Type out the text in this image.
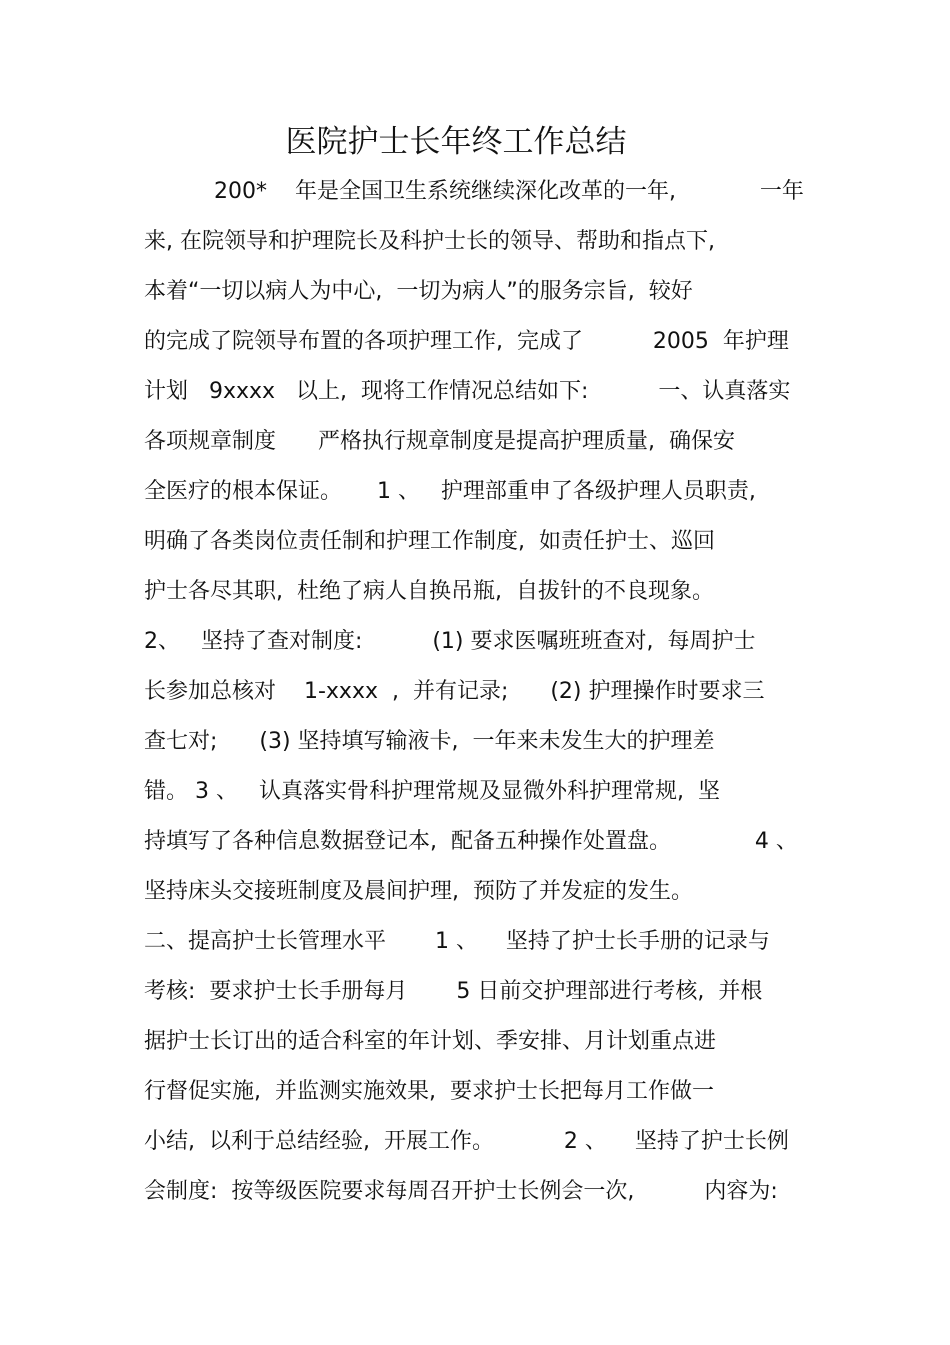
医院护士长年终工作总结
200*    年是全国卫生系统继续深化改革的一年,            一年
来, 在院领导和护理院长及科护士长的领导、帮助和指点下,
本着“一切以病人为中心,  一切为病人”的服务宗旨,  较好
的完成了院领导布置的各项护理工作,  完成了          2005  年护理
计划   9xxxx   以上,  现将工作情况总结如下:          一、认真落实
各项规章制度      严格执行规章制度是提高护理质量,  确保安
全医疗的根本保证。     1 、   护理部重申了各级护理人员职责,
明确了各类岗位责任制和护理工作制度,  如责任护士、巡回
护士各尽其职,  杜绝了病人自换吊瓶,  自拔针的不良现象。
2、   坚持了查对制度:          (1) 要求医嘱班班查对,  每周护士
长参加总核对    1-xxxx  ,  并有记录;      (2) 护理操作时要求三
查七对;      (3) 坚持填写输液卡,  一年来未发生大的护理差
错。 3 、   认真落实骨科护理常规及显微外科护理常规,  坚
持填写了各种信息数据登记本,  配备五种操作处置盘。            4 、
坚持床头交接班制度及晨间护理,  预防了并发症的发生。
二、提高护士长管理水平       1 、    坚持了护士长手册的记录与
考核:  要求护士长手册每月       5 日前交护理部进行考核,  并根
据护士长订出的适合科室的年计划、季安排、月计划重点进
行督促实施,  并监测实施效果,  要求护士长把每月工作做一
小结,  以利于总结经验,  开展工作。          2 、    坚持了护士长例
会制度:  按等级医院要求每周召开护士长例会一次,          内容为:
